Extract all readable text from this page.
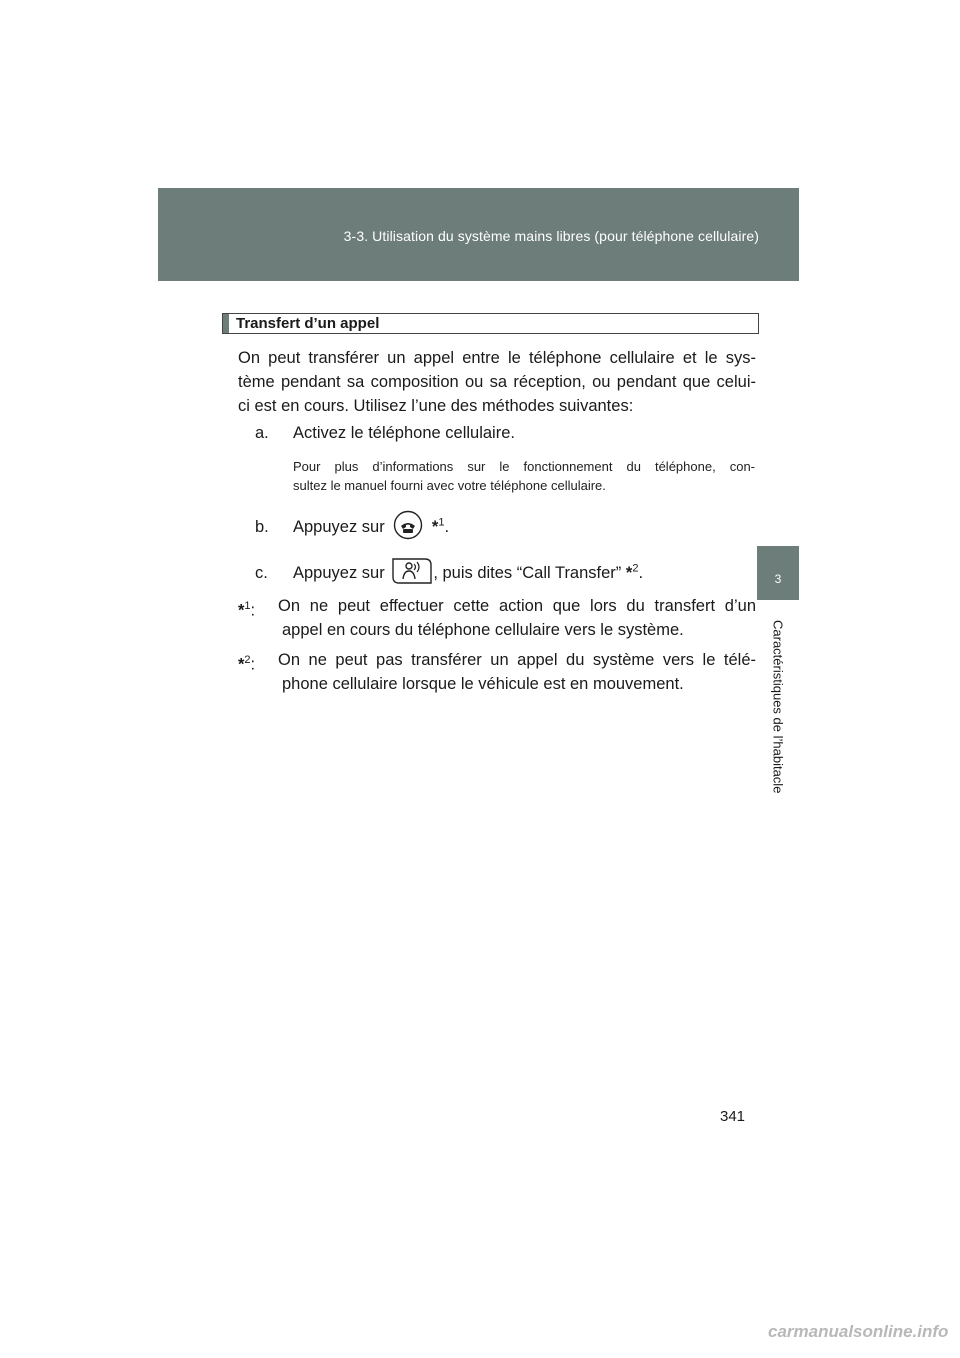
3-3. Utilisation du système mains libres (pour téléphone cellulaire)
3
Caractéristiques de l’habitacle
Transfert d’un appel
On peut transférer un appel entre le téléphone cellulaire et le sys-
tème pendant sa composition ou sa réception, ou pendant que celui-
ci est en cours. Utilisez l’une des méthodes suivantes:
a. Activez le téléphone cellulaire.
Pour plus d’informations sur le fonctionnement du téléphone, con-
sultez le manuel fourni avec votre téléphone cellulaire.
b. Appuyez sur	*$^1$.
c. Appuyez sur	, puis dites “Call Transfer” *$^2$.
*$^1$: On ne peut effectuer cette action que lors du transfert d’un
appel en cours du téléphone cellulaire vers le système.
*$^2$: On ne peut pas transférer un appel du système vers le télé-
phone cellulaire lorsque le véhicule est en mouvement.
341
carmanualsonline.info
